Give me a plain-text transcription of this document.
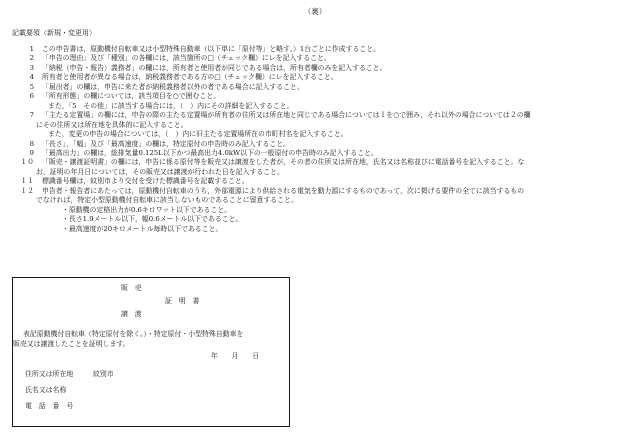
（裏）
記載要領（新規・変更用）
1 この申告書は，原動機付自転車又は小型特殊自動車（以下単に「原付等」と略す。）1台ごとに作成すること。
2 「申告の理由」及び「種別」の各欄には，該当箇所の□（チェック欄）にレを記入すること。
3 「納税（申告・報告）義務者」の欄には，所有者と使用者が同じである場合は，所有者欄のみを記入すること。
4 所有者と使用者が異なる場合は，納税義務者である方の□（チェック欄）にレを記入すること。
5 「届出者」の欄は，申告に来た者が納税義務者以外の者である場合に記入すること。
6 「所有形態」の欄については，該当項目を○で囲むこと。
また，「5　その他」に該当する場合には，（　）内にその詳細を記入すること。
7 「主たる定置場」の欄には，申告の際の主たる定置場が所有者の住所又は所在地と同じである場合については１を○で囲み，それ以外の場合については２の欄
にその住所又は所在地を具体的に記入すること。
また，変更の申告の場合については，（　）内に旧主たる定置場所在の市町村名を記入すること。
8 「長さ」，「幅」及び「最高速度」の欄は，特定原付の申告時のみ記入すること。
9 「最高出力」の欄は，総排気量0.125L以下かつ最高出力4.0kW以下の一般原付の申告時のみ記入すること。
１０ 「販売・譲渡証明書」の欄には，申告に係る原付等を販売又は譲渡をした者が，その者の住所又は所在地，氏名又は名称並びに電話番号を記入すること。な
お，証明の年月日については，その販売又は譲渡が行われた日を記入すること。
１１ 標識番号欄は，紋別市より交付を受けた標識番号を記載すること。
１２ 申告者・報告者にあたっては，原動機付自転車のうち，外部電源により供給される電気を動力源にするものであって，次に掲げる要件の全てに該当するもの
でなければ，特定小型原動機付自転車に該当しないものであることに留意すること。
・原動機の定格出力が0.6キロワット以下であること。
・長さ1.9メートル以下，幅0.6メートル以下であること。
・最高速度が20キロメートル毎時以下であること。
販　売
証　明　書
譲　渡
表記原動機付自転車（特定原付を除く。）・特定原付・小型特殊自動車を
販売又は譲渡したことを証明します。
年　　月　　日
住所又は所在地	紋別市
氏名又は名称
電　話　番　号
